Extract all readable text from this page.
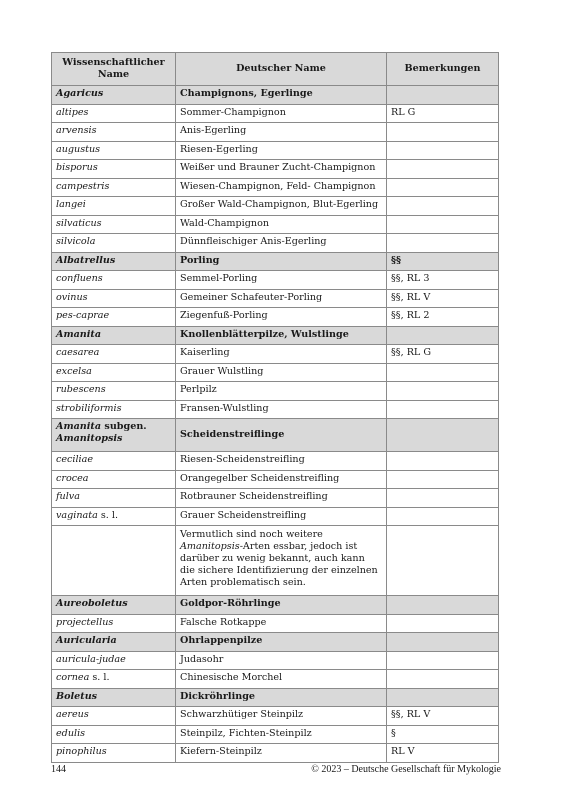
Wissenschaftlicher Name	Deutscher Name	Bemerkungen
Agaricus	Champignons, Egerlinge	
altipes	Sommer-Champignon	RL G
arvensis	Anis-Egerling	
augustus	Riesen-Egerling	
bisporus	Weißer und Brauner Zucht-Champignon	
campestris	Wiesen-Champignon, Feld- Champignon	
langei	Großer Wald-Champignon, Blut-Egerling	
silvaticus	Wald-Champignon	
silvicola	Dünnfleischiger Anis-Egerling	
Albatrellus	Porling	§§
confluens	Semmel-Porling	§§, RL 3
ovinus	Gemeiner Schafeuter-Porling	§§, RL V
pes-caprae	Ziegenfuß-Porling	§§, RL 2
Amanita	Knollenblätterpilze, Wulstlinge	
caesarea	Kaiserling	§§, RL G
excelsa	Grauer Wulstling	
rubescens	Perlpilz	
strobiliformis	Fransen-Wulstling	
Amanita subgen.
Amanitopsis	Scheidenstreiflinge	
ceciliae	Riesen-Scheidenstreifling	
crocea	Orangegelber Scheidenstreifling	
fulva	Rotbrauner Scheidenstreifling	
vaginata s. l.	Grauer Scheidenstreifling	
	Vermutlich sind noch weitere Amanitopsis-Arten essbar, jedoch ist darüber zu wenig bekannt, auch kann die sichere Identifizierung der einzelnen Arten problematisch sein.	
Aureoboletus	Goldpor-Röhrlinge	
projectellus	Falsche Rotkappe	
Auricularia	Ohrlappenpilze	
auricula-judae	Judasohr	
cornea s. l.	Chinesische Morchel	
Boletus	Dickröhrlinge	
aereus	Schwarzhütiger Steinpilz	§§, RL V
edulis	Steinpilz, Fichten-Steinpilz	§
pinophilus	Kiefern-Steinpilz	RL V
144	© 2023 – Deutsche Gesellschaft für Mykologie
